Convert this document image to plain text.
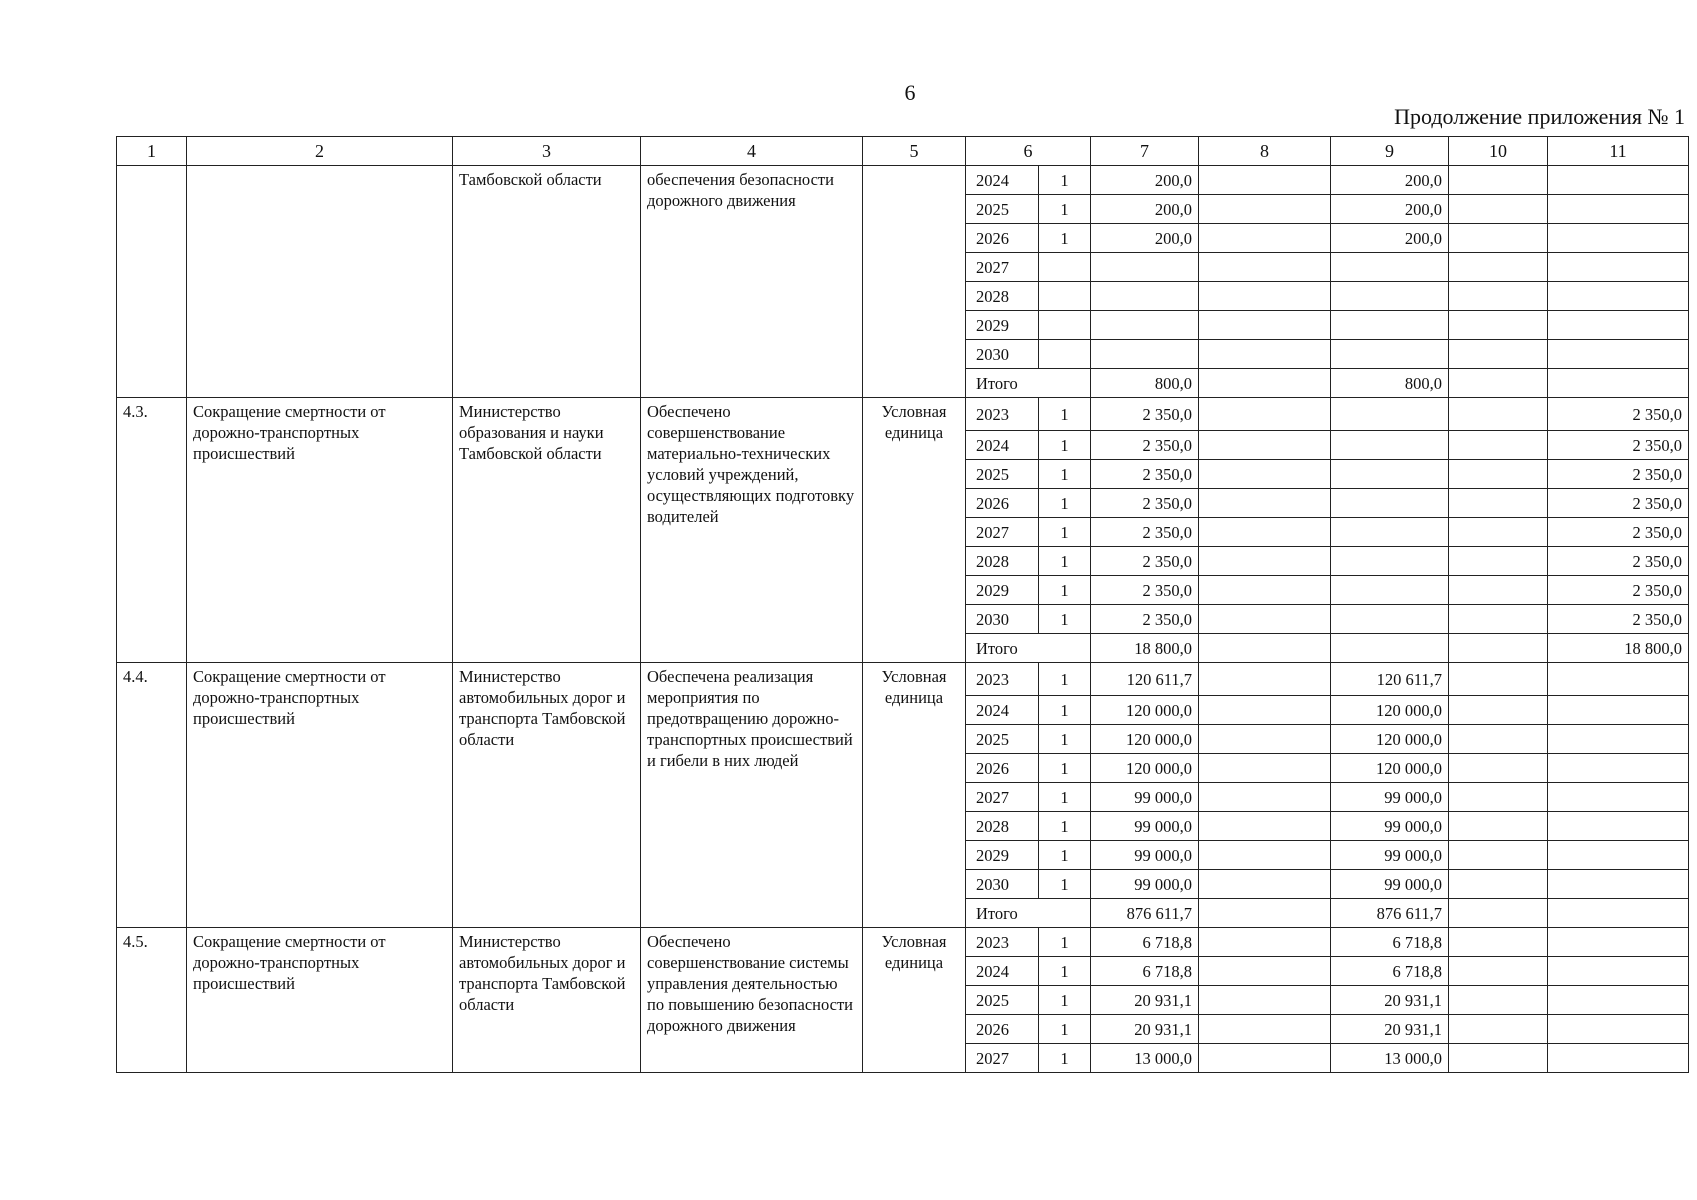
6
Продолжение приложения № 1
1	2	3	4	5	6		7	8	9	10	11
		Тамбовской области	обеспечения безопасности дорожного движения		2024	1	200,0		200,0		
					2025	1	200,0		200,0		
					2026	1	200,0		200,0		
					2027						
					2028						
					2029						
					2030						
					Итого		800,0		800,0		
4.3.	Сокращение смертности от дорожно-транспортных происшествий	Министерство образования и науки Тамбовской области	Обеспечено совершенствование материально-технических условий учреждений, осуществляющих подготовку водителей	Условная единица	2023	1	2 350,0				2 350,0
					2024	1	2 350,0				2 350,0
					2025	1	2 350,0				2 350,0
					2026	1	2 350,0				2 350,0
					2027	1	2 350,0				2 350,0
					2028	1	2 350,0				2 350,0
					2029	1	2 350,0				2 350,0
					2030	1	2 350,0				2 350,0
					Итого		18 800,0				18 800,0
4.4.	Сокращение смертности от дорожно-транспортных происшествий	Министерство автомобильных дорог и транспорта Тамбовской области	Обеспечена реализация мероприятия по предотвращению дорожно-транспортных происшествий и гибели в них людей	Условная единица	2023	1	120 611,7		120 611,7		
					2024	1	120 000,0		120 000,0		
					2025	1	120 000,0		120 000,0		
					2026	1	120 000,0		120 000,0		
					2027	1	99 000,0		99 000,0		
					2028	1	99 000,0		99 000,0		
					2029	1	99 000,0		99 000,0		
					2030	1	99 000,0		99 000,0		
					Итого		876 611,7		876 611,7		
4.5.	Сокращение смертности от дорожно-транспортных происшествий	Министерство автомобильных дорог и транспорта Тамбовской области	Обеспечено совершенствование системы управления деятельностью по повышению безопасности дорожного движения	Условная единица	2023	1	6 718,8		6 718,8		
					2024	1	6 718,8		6 718,8		
					2025	1	20 931,1		20 931,1		
					2026	1	20 931,1		20 931,1		
					2027	1	13 000,0		13 000,0		
